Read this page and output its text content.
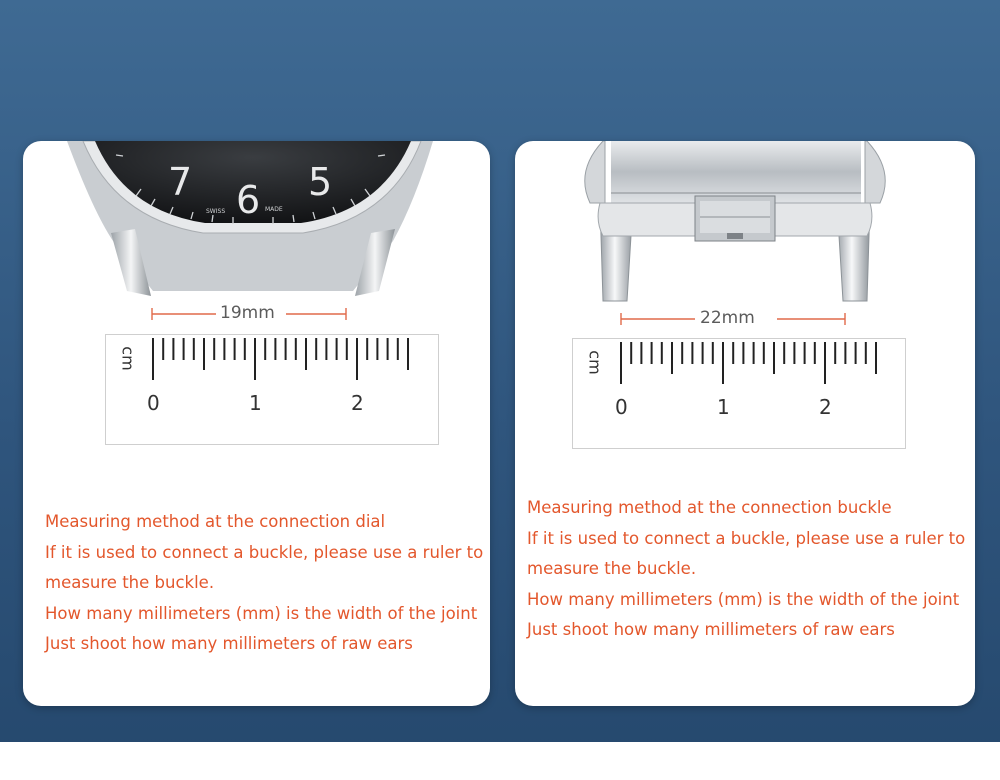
7 6 5
SWISS	MADE
19mm
cm
0	1	2
Measuring method at the connection dial
If it is used to connect a buckle, please use a ruler to
measure the buckle.
How many millimeters (mm) is the width of the joint
Just shoot how many millimeters of raw ears
22mm
cm
0	1	2
Measuring method at the connection buckle
If it is used to connect a buckle, please use a ruler to
measure the buckle.
How many millimeters (mm) is the width of the joint
Just shoot how many millimeters of raw ears
